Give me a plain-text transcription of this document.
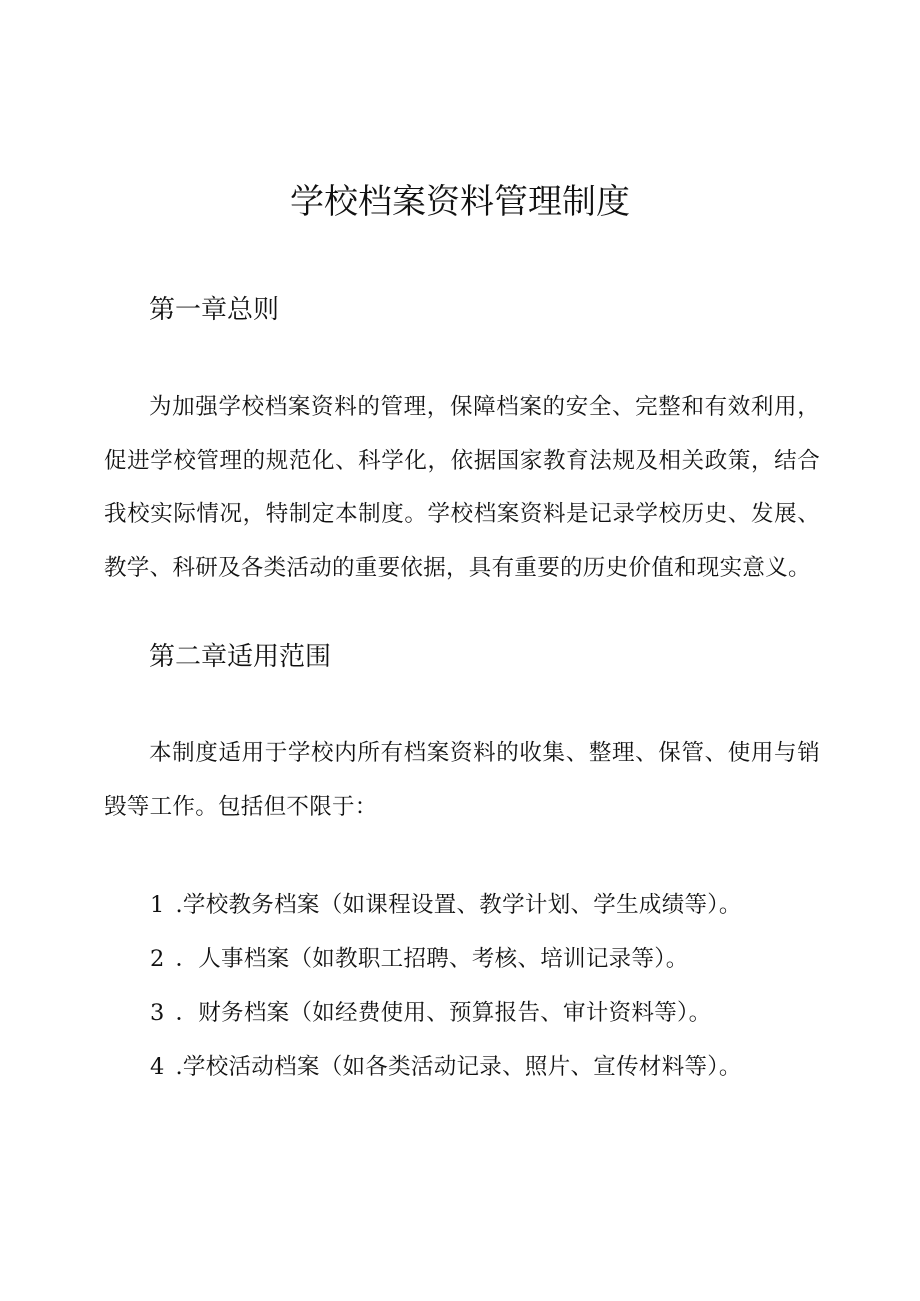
学校档案资料管理制度
第一章总则
为加强学校档案资料的管理，保障档案的安全、完整和有效利用，促进学校管理的规范化、科学化，依据国家教育法规及相关政策，结合我校实际情况，特制定本制度。学校档案资料是记录学校历史、发展、教学、科研及各类活动的重要依据，具有重要的历史价值和现实意义。
第二章适用范围
本制度适用于学校内所有档案资料的收集、整理、保管、使用与销毁等工作。包括但不限于：
1 .学校教务档案（如课程设置、教学计划、学生成绩等）。
2 ．人事档案（如教职工招聘、考核、培训记录等）。
3 ．财务档案（如经费使用、预算报告、审计资料等）。
4 .学校活动档案（如各类活动记录、照片、宣传材料等）。
